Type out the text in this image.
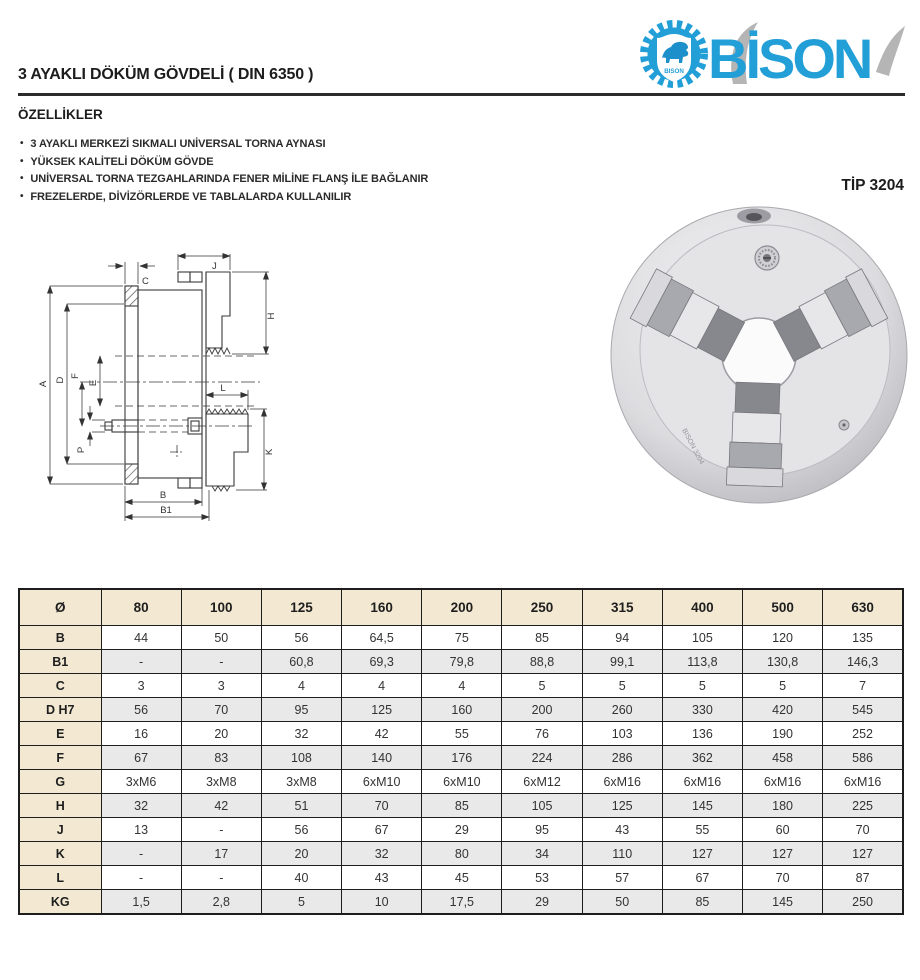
BISON BİSON
3 AYAKLI DÖKÜM GÖVDELİ ( DIN 6350 )
ÖZELLİKLER
• 3 AYAKLI MERKEZİ SIKMALI UNİVERSAL TORNA AYNASI
• YÜKSEK KALİTELİ DÖKÜM GÖVDE
• UNİVERSAL TORNA TEZGAHLARINDA FENER MİLİNE FLANŞ İLE BAĞLANIR
• FREZELERDE, DİVİZÖRLERDE VE TABLALARDA KULLANILIR
TİP 3204
A
D
F
E
P
C
J
H
L
K
B
B1
BISON 3204
Ø	80	100	125	160	200	250	315	400	500	630
B	44	50	56	64,5	75	85	94	105	120	135
B1	-	-	60,8	69,3	79,8	88,8	99,1	113,8	130,8	146,3
C	3	3	4	4	4	5	5	5	5	7
D H7	56	70	95	125	160	200	260	330	420	545
E	16	20	32	42	55	76	103	136	190	252
F	67	83	108	140	176	224	286	362	458	586
G	3xM6	3xM8	3xM8	6xM10	6xM10	6xM12	6xM16	6xM16	6xM16	6xM16
H	32	42	51	70	85	105	125	145	180	225
J	13	-	56	67	29	95	43	55	60	70
K	-	17	20	32	80	34	110	127	127	127
L	-	-	40	43	45	53	57	67	70	87
KG	1,5	2,8	5	10	17,5	29	50	85	145	250
